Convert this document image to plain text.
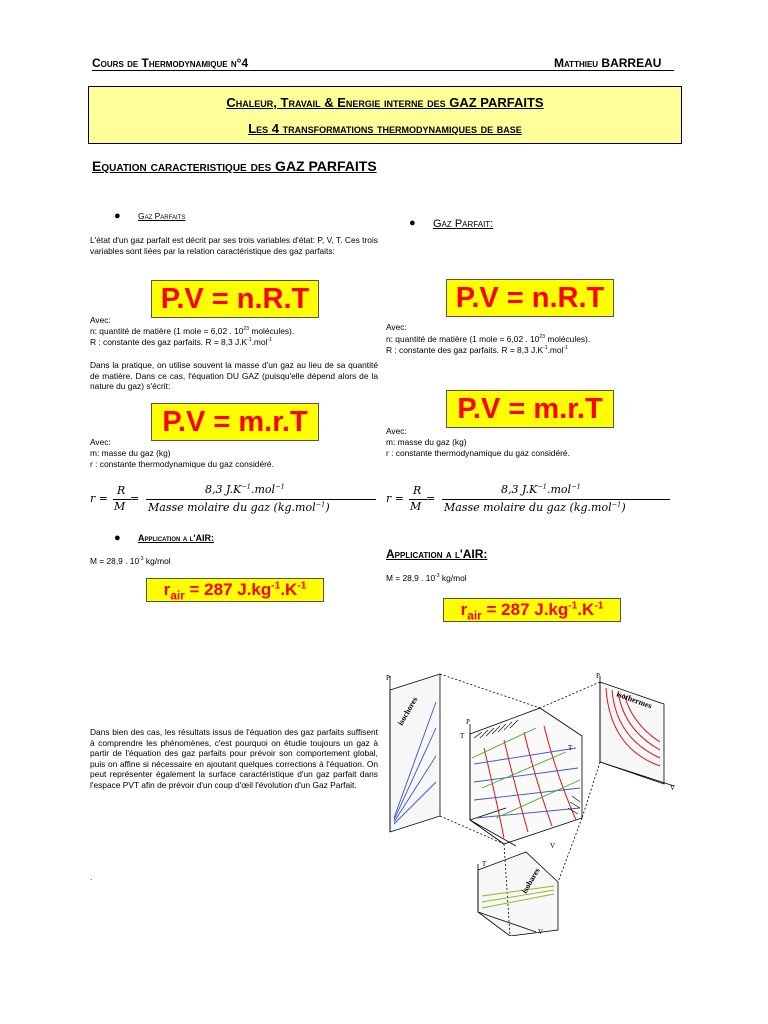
Cours de Thermodynamique n°4	Matthieu BARREAU
Chaleur, Travail & Energie interne des GAZ PARFAITS
Les 4 transformations thermodynamiques de base
Equation caracteristique des GAZ PARFAITS
● Gaz Parfaits
L'état d'un gaz parfait est décrit par ses trois variables d'état: P, V, T. Ces trois variables sont liées par la relation caractéristique des gaz parfaits:
P.V = n.R.T
Avec:
n: quantité de matière (1 mole = 6,02 . $10^{23}$ molécules).
R : constante des gaz parfaits. R = 8,3 $J.K^{-1}.mol^{-1}$
Dans la pratique, on utilise souvent la masse d'un gaz au lieu de sa quantité de matière. Dans ce cas, l'équation DU GAZ (puisqu'elle dépend alors de la nature du gaz) s'écrit:
P.V = m.r.T
Avec:
m: masse du gaz (kg)
r : constante thermodynamique du gaz considéré.
r =
R
M
=
8,3 $J.K^{-1}.mol^{-1}$
Masse molaire du gaz (kg.mol$^{-1}$)
● Application a l'AIR:
M = 28,9 . $10^{-3}$ kg/mol
$r_{air} = 287$ $J.kg^{-1}.K^{-1}$
Dans bien des cas, les résultats issus de l'équation des gaz parfaits suffisent à comprendre les phénomènes, c'est pourquoi on étudie toujours un gaz à partir de l'équation des gaz parfaits pour prévoir son comportement global, puis on affine si nécessaire en ajoutant quelques corrections à l'équation. On peut représenter également la surface caractéristique d'un gaz parfait dans l'espace PVT afin de prévoir d'un coup d'œil l'évolution d'un Gaz Parfait.
.
● Gaz Parfait:
P.V = n.R.T
Avec:
n: quantité de matière (1 mole = 6,02 . $10^{23}$ molécules).
R : constante des gaz parfaits. R = 8,3 $J.K^{-1}.mol^{-1}$
P.V = m.r.T
Avec:
m: masse du gaz (kg)
r : constante thermodynamique du gaz considéré.
r =
R
M
=
8,3 $J.K^{-1}.mol^{-1}$
Masse molaire du gaz (kg.mol$^{-1}$)
Application a l'AIR:
M = 28,9 . $10^{-3}$ kg/mol
$r_{air} = 287$ $J.kg^{-1}.K^{-1}$
P	P
P
T
T
V
V
T
V
isochores	isothermes
isobares
